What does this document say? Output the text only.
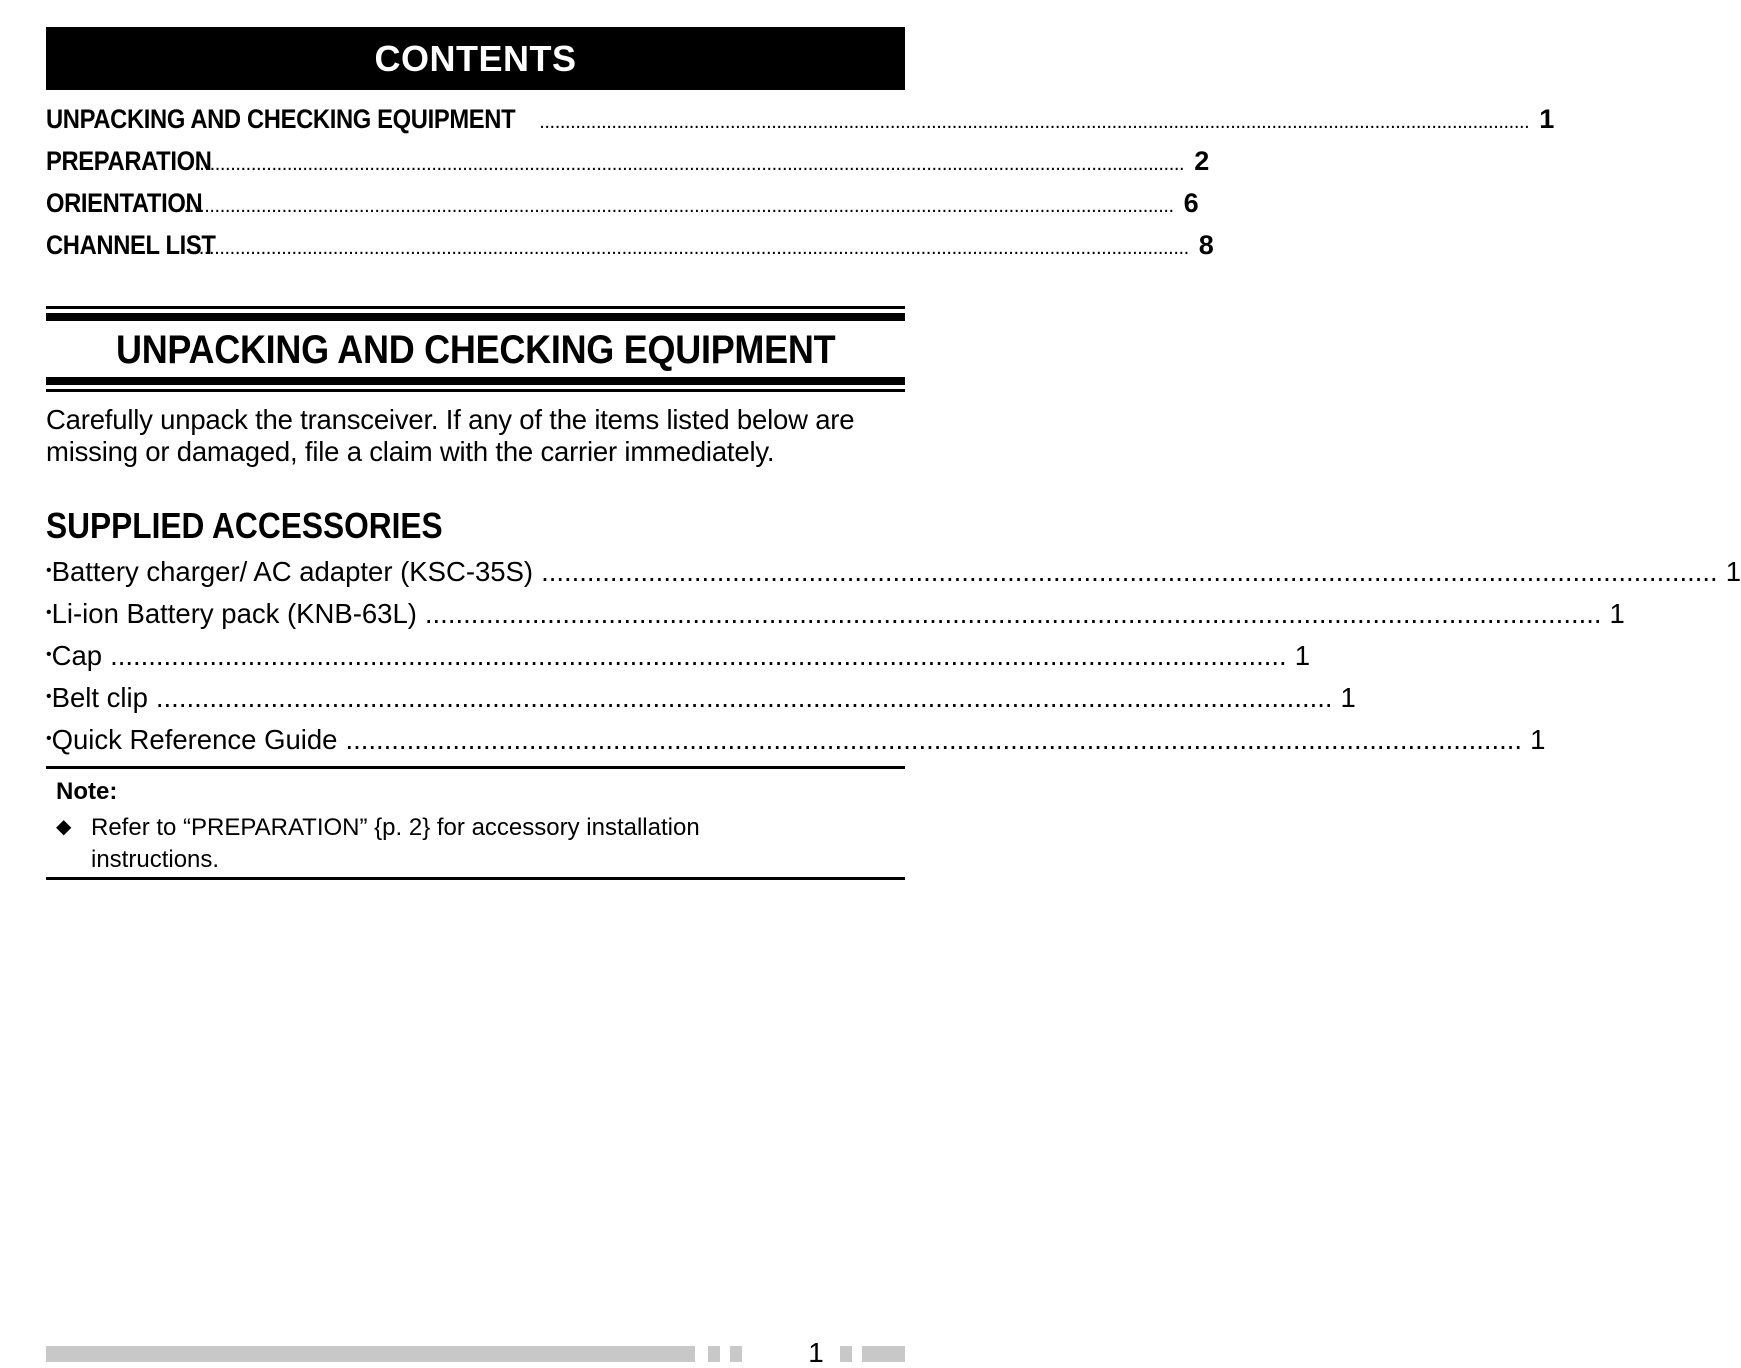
CONTENTS
UNPACKING AND CHECKING EQUIPMENT ................................................................................................................................................................................................ 1
PREPARATION
................................................................................................................................................................................................ 2
ORIENTATION
................................................................................................................................................................................................ 6
CHANNEL LIST
................................................................................................................................................................................................ 8
UNPACKING AND CHECKING EQUIPMENT

Carefully unpack the transceiver. If any of the items listed below are missing or damaged, file a claim with the carrier immediately.

SUPPLIED ACCESSORIES
• Battery charger/ AC adapter (KSC-35S) .......................................................................................................................................................... 1
• Li-ion Battery pack (KNB-63L) .......................................................................................................................................................... 1
• Cap .......................................................................................................................................................... 1
• Belt clip .......................................................................................................................................................... 1
• Quick Reference Guide .......................................................................................................................................................... 1
Note:
◆ Refer to “PREPARATION” {p. 2} for accessory installation instructions.
1
